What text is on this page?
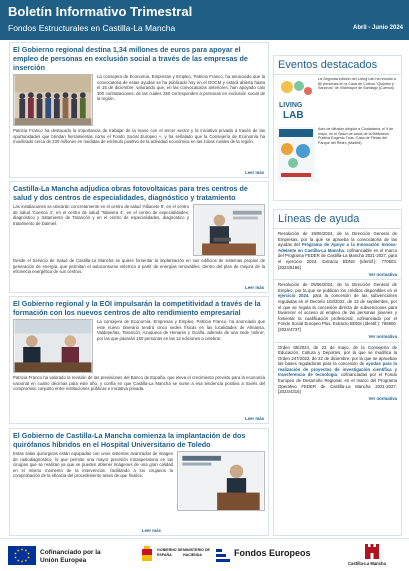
Boletín Informativo Trimestral
Fondos Estructurales en Castilla-La Mancha	Abril - Junio 2024
El Gobierno regional destina 1,34 millones de euros para apoyar el empleo de personas en exclusión social a través de las empresas de inserción

La consejera de Economía, Empresas y Empleo, Patricia Franco, ha anunciado que la convocatoria de estas ayudas se ha publicado hoy en el DOCM y estará abierta hasta el 15 de diciembre, valorando que, en las convocatorias anteriores, han apoyado casi 300 contrataciones, de las cuales 250 corresponden a personas en exclusión social de la región.

Patricia Franco ha destacado la importancia de trabajar de la mano con el tercer sector y la iniciativa privada a través de las oportunidades que brindan herramientas como el Fondo Social Europeo +, y ha señalado que la Consejería de Economía ha movilizado cerca de 230 millones en medidas de estímulo positivo de la actividad económica en las zonas rurales de la región.

Leer más
Castilla-La Mancha adjudica obras fotovoltaicas para tres centros de salud y dos centros de especialidades, diagnóstico y tratamiento

Las instalaciones se ubicarán concretamente en el centro de salud 'Albacete 8', en el centro de salud 'Cuenca 4', en el centro de salud 'Talavera 4', en el centro de especialidades, diagnóstico y tratamiento de Tarancón y en el centro de especialidades, diagnóstico y tratamiento de Daimiel.

Desde el Servicio de Salud de Castilla-La Mancha se quiere fomentar la implantación en sus edificios de sistemas propios de generación de energía, que permitan el autoconsumo eléctrico a partir de energías renovables, dentro del plan de mejora de la eficiencia energética de sus centros.

Leer más
El Gobierno regional y la EOI impulsarán la competitividad a través de la formación con los nuevos centros de alto rendimiento empresarial

La consejera de Economía, Empresas y Empleo, Patricia Franco, ha anunciado que este nuevo itinerario tendrá cinco sedes físicas en las localidades de Almansa, Valdepeñas, Tarancón, Azuqueca de Henares y Ocaña, además de una sede 'online', por las que pasarán 160 personas en las 12 ediciones a celebrar.

Patricia Franco ha valorado la revisión de las previsiones del Banco de España, que eleva el crecimiento previsto para la economía nacional en cuatro décimas para este año, y confía en que Castilla-La Mancha se sume a esa tendencia positiva a través del compromiso conjunto entre instituciones públicas e iniciativa privada.

Leer más
El Gobierno de Castilla-La Mancha comienza la implantación de dos quirófanos híbridos en el Hospital Universitario de Toledo

Estas salas quirúrgicas están equipadas con unos sistemas avanzados de imagen de radiodiagnóstico, lo que permite una mayor precisión intraoperatoria en las cirugías que se realizan ya que se pueden obtener imágenes de una gran calidad en el mismo momento de la intervención, facilitando a los cirujanos la comprobación de la eficacia del procedimiento antes de que finalice.

Leer más
Eventos destacados
LIVING
LAB
La Segunda edición del Living Lab ha reunido a 80 personas en la Casa de Cultura "Quijotes y Sanchos" de Villamayor de Santiago (Cuenca)
Acto de difusión dirigido a Ciudadanía, el 9 de mayo, en el Salón de actos de la Biblioteca Pública Eugenio Trías, Casa de Fieras del Parque del Retiro (Madrid).
Líneas de ayuda
Resolución de 19/06/2024, de la Dirección General de Empresas, por la que se aprueba la convocatoria de las ayudas del Programa de Apoyo a la Innovación Innova-Adelante en Castilla-La Mancha, cofinanciable en el marco del Programa FEDER de Castilla-La Mancha 2021-2027, para el ejercicio 2024. Extracto BDNS (Identif.): 770503. [2024/5166]
Ver normativa
Resolución de 05/06/2024, de la Dirección General de Empleo, por la que se publican los créditos disponibles en el ejercicio 2024, para la concesión de las subvenciones reguladas en el Decreto 103/2022, de 13 de septiembre, por el que se regula la concesión directa de subvenciones para favorecer el acceso al empleo de las personas jóvenes y fomentar la cualificación profesional, cofinanciado por el Fondo Social Europeo Plus. Extracto BDNS (Identif.): 766900. [2024/4737]
Ver normativa
Orden 85/2024, de 23 de mayo, de la Consejería de Educación, Cultura y Deportes, por la que se modifica la Orden 247/2022, de 22 de diciembre, por la que se aprueban las bases reguladoras para la concesión de ayudas para la realización de proyectos de investigación científica y transferencia de tecnología, cofinanciadas por el Fondo Europeo de Desarrollo Regional, en el marco del Programa Operativo FEDER de Castilla-La Mancha 2021-2027. [2024/4316]
Ver normativa
Cofinanciado por la Unión Europea
GOBIERNO DE ESPAÑA
MINISTERIO DE HACIENDA	Fondos Europeos
Castilla-La Mancha
